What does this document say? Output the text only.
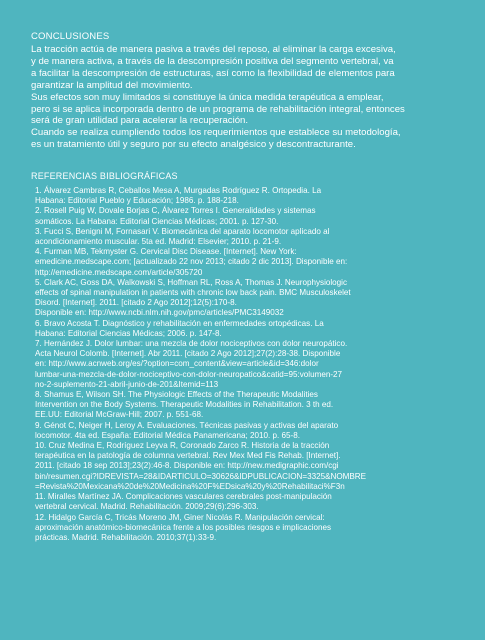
CONCLUSIONES
La tracción actúa de manera pasiva a través del reposo, al eliminar la carga excesiva,
y de manera activa, a través de la descompresión positiva del segmento vertebral, va
a facilitar la descompresión de estructuras, así como la flexibilidad de elementos para
garantizar la amplitud del movimiento.
Sus efectos son muy limitados si constituye la única medida terapéutica a emplear,
pero si se aplica incorporada dentro de un programa de rehabilitación integral, entonces
será de gran utilidad para acelerar la recuperación.
Cuando se realiza cumpliendo todos los requerimientos que establece su metodología,
es un tratamiento útil y seguro por su efecto analgésico y descontracturante.
REFERENCIAS BIBLIOGRÁFICAS
1. Álvarez Cambras R, Ceballos Mesa A, Murgadas Rodríguez R. Ortopedia. La
Habana: Editorial Pueblo y Educación; 1986. p. 188-218.
2. Rosell Puig W, Dovale Borjas C, Álvarez Torres I. Generalidades y sistemas
somáticos. La Habana: Editorial Ciencias Médicas; 2001. p. 127-30.
3. Fucci S, Benigni M, Fornasari V. Biomecánica del aparato locomotor aplicado al
acondicionamiento muscular. 5ta ed. Madrid: Elsevier; 2010. p. 21-9.
4. Furman MB, Tekmyster G. Cervical Disc Disease. [Internet]. New York:
emedicine.medscape.com; [actualizado 22 nov 2013; citado 2 dic 2013]. Disponible en:
http://emedicine.medscape.com/article/305720
5. Clark AC, Goss DA, Walkowski S, Hoffman RL, Ross A, Thomas J. Neurophysiologic
effects of spinal manipulation in patients with chronic low back pain. BMC Musculoskelet
Disord. [Internet]. 2011. [citado 2 Ago 2012];12(5):170-8.
Disponible en: http://www.ncbi.nlm.nih.gov/pmc/articles/PMC3149032
6. Bravo Acosta T. Diagnóstico y rehabilitación en enfermedades ortopédicas. La
Habana: Editorial Ciencias Médicas; 2006. p. 147-8.
7. Hernández J. Dolor lumbar: una mezcla de dolor nociceptivos con dolor neuropático.
Acta Neurol Colomb. [Internet]. Abr 2011. [citado 2 Ago 2012];27(2):28-38. Disponible
en: http://www.acnweb.org/es/?option=com_content&view=article&id=346:dolor
lumbar-una-mezcla-de-dolor-nociceptivo-con-dolor-neuropatico&catid=95:volumen-27
no-2-suplemento-21-abril-junio-de-201&Itemid=113
8. Shamus E, Wilson SH. The Physiologic Effects of the Therapeutic Modalities
Intervention on the Body Systems. Therapeutic Modalities in Rehabilitation. 3 th ed.
EE.UU: Editorial McGraw-Hill; 2007. p. 551-68.
9. Génot C, Neiger H, Leroy A. Evaluaciones. Técnicas pasivas y activas del aparato
locomotor. 4ta ed. España: Editorial Médica Panamericana; 2010. p. 65-8.
10. Cruz Medina E, Rodríguez Leyva R, Coronado Zarco R. Historia de la tracción
terapéutica en la patología de columna vertebral. Rev Mex Med Fis Rehab. [Internet].
2011. [citado 18 sep 2013];23(2):46-8. Disponible en: http://new.medigraphic.com/cgi
bin/resumen.cgi?IDREVISTA=28&IDARTICULO=30626&IDPUBLICACION=3325&NOMBRE
=Revista%20Mexicana%20de%20Medicina%20F%EDsica%20y%20Rehabilitaci%F3n
11. Miralles Martínez JA. Complicaciones vasculares cerebrales post-manipulación
vertebral cervical. Madrid. Rehabilitación. 2009;29(6):296-303.
12. Hidalgo García C, Tricás Moreno JM, Giner Nicolás R. Manipulación cervical:
aproximación anatómico-biomecánica frente a los posibles riesgos e implicaciones
prácticas. Madrid. Rehabilitación. 2010;37(1):33-9.
